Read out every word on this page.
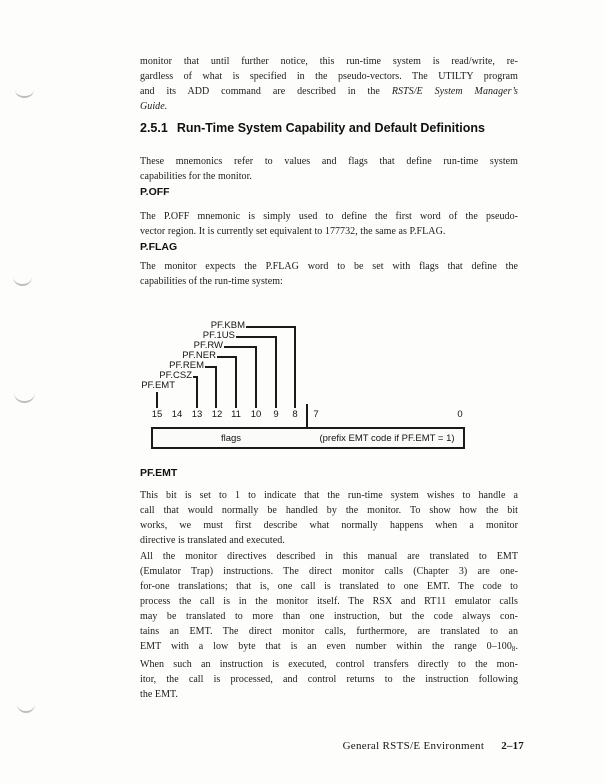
monitor that until further notice, this run-time system is read/write, re-
gardless of what is specified in the pseudo-vectors. The UTILTY program
and its ADD command are described in the RSTS/E System Manager’s
Guide.
2.5.1 Run-Time System Capability and Default Definitions
These mnemonics refer to values and flags that define run-time system
capabilities for the monitor.
P.OFF
The P.OFF mnemonic is simply used to define the first word of the pseudo-
vector region. It is currently set equivalent to 177732, the same as P.FLAG.
P.FLAG
The monitor expects the P.FLAG word to be set with flags that define the
capabilities of the run-time system:
PF.KBM
PF.1US
PF.RW
PF.NER
PF.REM
PF.CSZ
PF.EMT
15 14 13 12 11 10 9 8 7	0
flags	(prefix EMT code if PF.EMT = 1)
PF.EMT
This bit is set to 1 to indicate that the run-time system wishes to handle a
call that would normally be handled by the monitor. To show how the bit
works, we must first describe what normally happens when a monitor
directive is translated and executed.
All the monitor directives described in this manual are translated to EMT
(Emulator Trap) instructions. The direct monitor calls (Chapter 3) are one-
for-one translations; that is, one call is translated to one EMT. The code to
process the call is in the monitor itself. The RSX and RT11 emulator calls
may be translated to more than one instruction, but the code always con-
tains an EMT. The direct monitor calls, furthermore, are translated to an
EMT with a low byte that is an even number within the range $0-100_8$.
When such an instruction is executed, control transfers directly to the mon-
itor, the call is processed, and control returns to the instruction following
the EMT.
General RSTS/E Environment 2–17
